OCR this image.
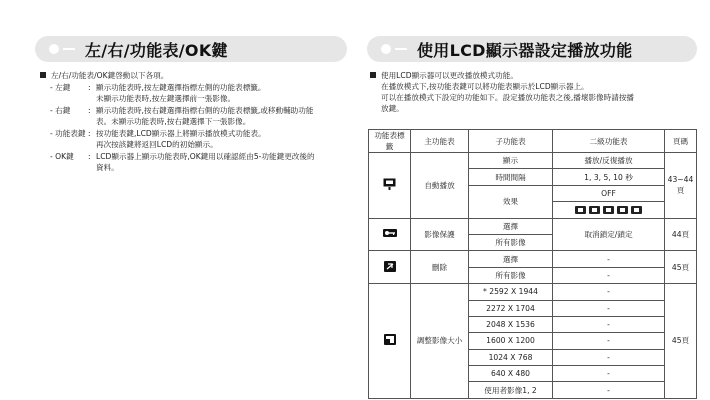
左/右/功能表/OK鍵	使用LCD顯示器設定播放功能
左/右/功能表/OK鍵啓動以下各項。
- 左鍵	: 顯示功能表時,按左鍵選擇指標左側的功能表標籤。
未顯示功能表時,按左鍵選擇前一張影像。
- 右鍵	: 顯示功能表時,按右鍵選擇指標右側的功能表標籤,或移動輔助功能
表。未顯示功能表時,按右鍵選擇下一張影像。
- 功能表鍵 : 按功能表鍵,LCD顯示器上將顯示播放模式功能表。
再次按該鍵將返回LCD的初始顯示。
- OK鍵	: LCD顯示器上顯示功能表時,OK鍵用以確認經由5-功能鍵更改後的
資料。
使用LCD顯示器可以更改播放模式功能。
在播放模式下,按功能表鍵可以將功能表顯示於LCD顯示器上。
可以在播放模式下設定的功能如下。設定播放功能表之後,播壞影像時請按播
放鍵。
功能表標籤	主功能表	子功能表	二級功能表	頁碼
	自動播放	顯示	播放/反復播放	43~44
頁
		時間間隔	1, 3, 5, 10 秒	
		效果	OFF	

	影像保護	選擇	取消鎖定/鎖定	44頁
		所有影像		
	刪除	選擇	-	45頁
		所有影像	-	
	調整影像大小	* 2592 X 1944	-	45頁
		2272 X 1704	-	
		2048 X 1536	-	
		1600 X 1200	-	
		1024 X 768	-	
		640 X 480	-	
		使用者影像1, 2	-	
